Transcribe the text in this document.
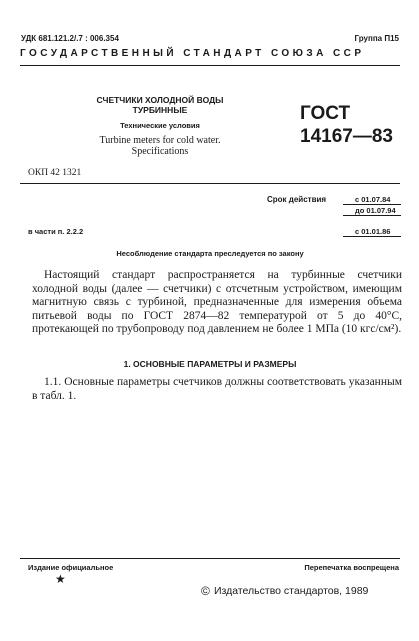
УДК 681.121.2/.7 : 006.354	Группа П15
ГОСУДАРСТВЕННЫЙ СТАНДАРТ СОЮЗА ССР
СЧЕТЧИКИ ХОЛОДНОЙ ВОДЫ
ТУРБИННЫЕ
Технические условия
Turbine meters for cold water.
Specifications
ГОСТ
14167—83
ОКП 42 1321
Срок действия	с 01.07.84
до 01.07.94
в части п. 2.2.2	с 01.01.86
Несоблюдение стандарта преследуется по закону
Настоящий стандарт распространяется на турбинные счетчики холодной воды (далее — счетчики) с отсчетным устройством, имеющим магнитную связь с турбиной, предназначенные для измерения объема питьевой воды по ГОСТ 2874—82 температурой от 5 до 40°С, протекающей по трубопроводу под давлением не более 1 МПа (10 кгс/см²).
1. ОСНОВНЫЕ ПАРАМЕТРЫ И РАЗМЕРЫ
1.1. Основные параметры счетчиков должны соответствовать указанным в табл. 1.
Издание официальное	Перепечатка воспрещена
★
© Издательство стандартов, 1989
